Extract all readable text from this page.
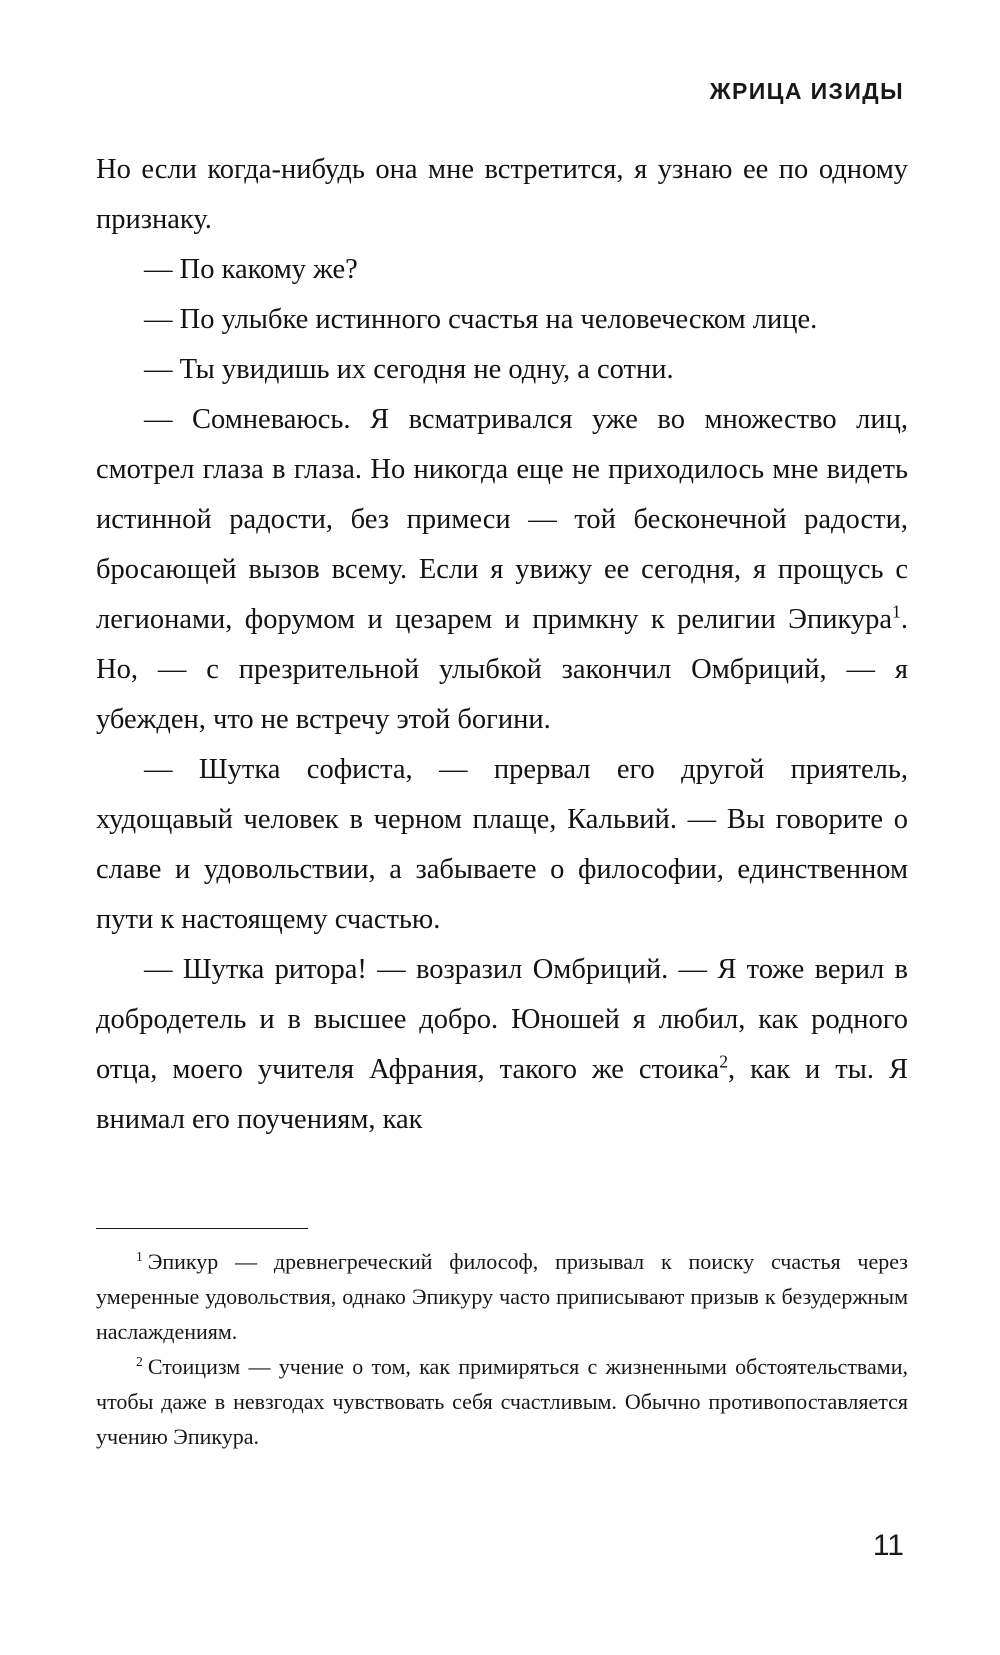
ЖРИЦА ИЗИДЫ

Но если когда-нибудь она мне встретится, я узнаю ее по одному признаку.

— По какому же?

— По улыбке истинного счастья на человеческом лице.

— Ты увидишь их сегодня не одну, а сотни.

— Сомневаюсь. Я всматривался уже во множество лиц, смотрел глаза в глаза. Но никогда еще не приходилось мне видеть истинной радости, без примеси — той бесконечной радости, бросающей вызов всему. Если я увижу ее сегодня, я прощусь с легионами, форумом и цезарем и примкну к религии Эпикура$^1$. Но, — с презрительной улыбкой закончил Омбриций, — я убежден, что не встречу этой богини.

— Шутка софиста, — прервал его другой приятель, худощавый человек в черном плаще, Кальвий. — Вы говорите о славе и удовольствии, а забываете о философии, единственном пути к настоящему счастью.

— Шутка ритора! — возразил Омбриций. — Я тоже верил в добродетель и в высшее добро. Юношей я любил, как родного отца, моего учителя Афрания, такого же стоика$^2$, как и ты. Я внимал его поучениям, как

$^1$ Эпикур — древнегреческий философ, призывал к поиску счастья через умеренные удовольствия, однако Эпикуру часто приписывают призыв к безудержным наслаждениям.

$^2$ Стоицизм — учение о том, как примиряться с жизненными обстоятельствами, чтобы даже в невзгодах чувствовать себя счастливым. Обычно противопоставляется учению Эпикура.

11
